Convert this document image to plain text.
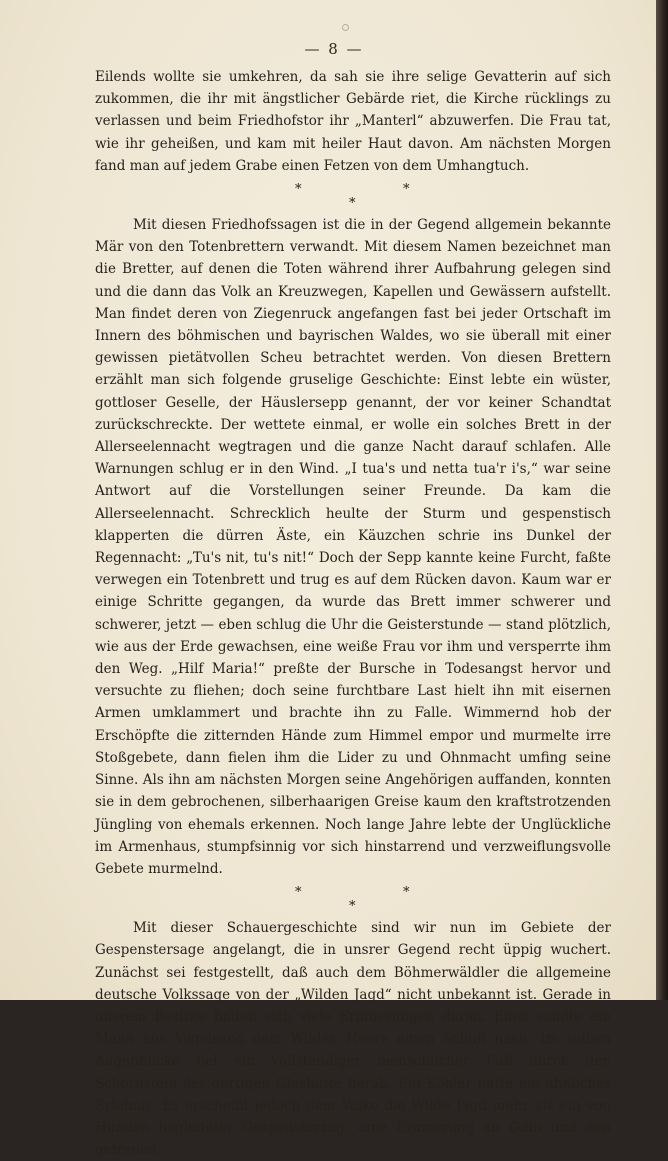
— 8 —

Eilends wollte sie umkehren, da sah sie ihre selige Gevatterin auf sich zukommen, die ihr mit ängstlicher Gebärde riet, die Kirche rücklings zu verlassen und beim Friedhofstor ihr „Manterl“ abzuwerfen. Die Frau tat, wie ihr geheißen, und kam mit heiler Haut davon. Am nächsten Morgen fand man auf jedem Grabe einen Fetzen von dem Umhangtuch.

*	*
*

Mit diesen Friedhofssagen ist die in der Gegend allgemein bekannte Mär von den Totenbrettern verwandt. Mit diesem Namen bezeichnet man die Bretter, auf denen die Toten während ihrer Aufbahrung gelegen sind und die dann das Volk an Kreuzwegen, Kapellen und Gewässern aufstellt. Man findet deren von Ziegenruck angefangen fast bei jeder Ortschaft im Innern des böhmischen und bayrischen Waldes, wo sie überall mit einer gewissen pietätvollen Scheu betrachtet werden. Von diesen Brettern erzählt man sich folgende gruselige Geschichte: Einst lebte ein wüster, gottloser Geselle, der Häuslersepp genannt, der vor keiner Schandtat zurückschreckte. Der wettete einmal, er wolle ein solches Brett in der Allerseelennacht wegtragen und die ganze Nacht darauf schlafen. Alle Warnungen schlug er in den Wind. „I tua's und netta tua'r i's,“ war seine Antwort auf die Vorstellungen seiner Freunde. Da kam die Allerseelennacht. Schrecklich heulte der Sturm und gespenstisch klapperten die dürren Äste, ein Käuzchen schrie ins Dunkel der Regennacht: „Tu's nit, tu's nit!“ Doch der Sepp kannte keine Furcht, faßte verwegen ein Totenbrett und trug es auf dem Rücken davon. Kaum war er einige Schritte gegangen, da wurde das Brett immer schwerer und schwerer, jetzt — eben schlug die Uhr die Geisterstunde — stand plötzlich, wie aus der Erde gewachsen, eine weiße Frau vor ihm und versperrte ihm den Weg. „Hilf Maria!“ preßte der Bursche in Todesangst hervor und versuchte zu fliehen; doch seine furchtbare Last hielt ihn mit eisernen Armen umklammert und brachte ihn zu Falle. Wimmernd hob der Erschöpfte die zitternden Hände zum Himmel empor und murmelte irre Stoßgebete, dann fielen ihm die Lider zu und Ohnmacht umfing seine Sinne. Als ihn am nächsten Morgen seine Angehörigen auffanden, konnten sie in dem gebrochenen, silberhaarigen Greise kaum den kraftstrotzenden Jüngling von ehemals erkennen. Noch lange Jahre lebte der Unglückliche im Armenhaus, stumpfsinnig vor sich hinstarrend und verzweiflungsvolle Gebete murmelnd.

*	*
*

Mit dieser Schauergeschichte sind wir nun im Gebiete der Gespenstersage angelangt, die in unsrer Gegend recht üppig wuchert. Zunächst sei festgestellt, daß auch dem Böhmerwäldler die allgemeine deutsche Volkssage von der „Wilden Jagd“ nicht unbekannt ist. Gerade in unsrem Bezirke finden sich viele Erinnerungen daran. Einst sandte ein Mann aus Vogelsang dem Wilden Heere einen Schuß nach. Im selben Augenblicke fiel ein vollständiger menschlicher Fuß durch den Schornstein der dortigen Glashütte herab. Ein Köhler hatte ein ähnliches Erlebnis. Es erscheint jedoch dem Volke die Wilde Jagd mehr als ein von Hunden begleiteter Gespensterzug, eine Erinnerung an Odin und den getreuen
